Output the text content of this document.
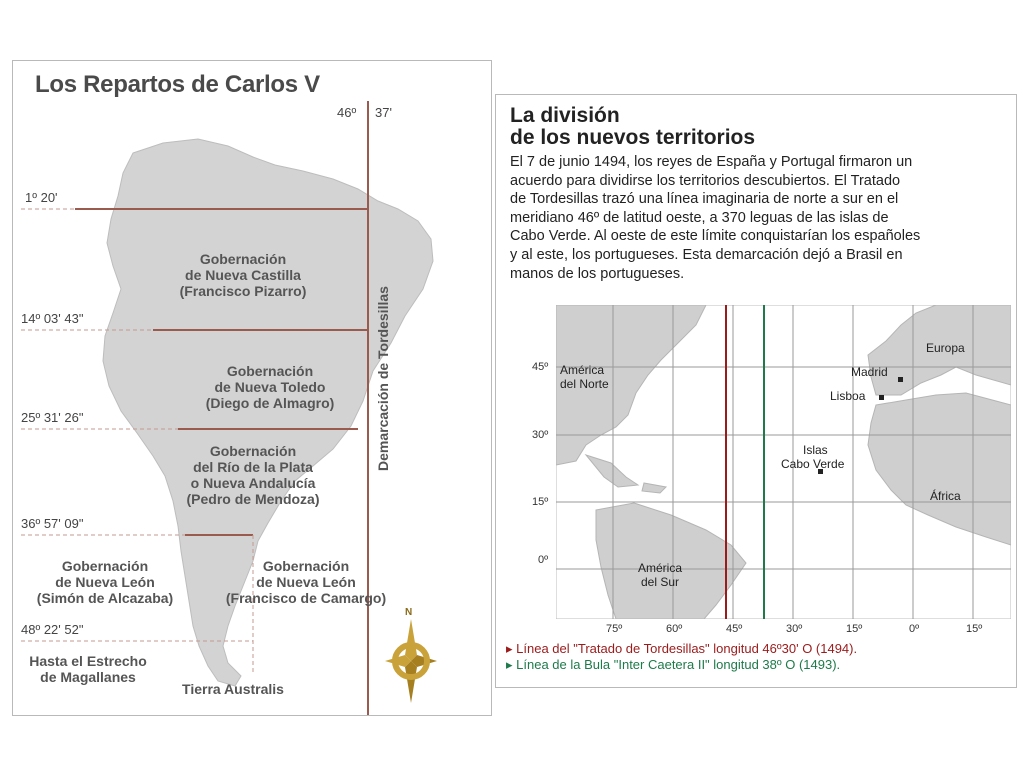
Los Repartos de Carlos V
46º 37'
1º 20'
14º 03' 43"
25º 31' 26"
36º 57' 09"
48º 22' 52"
Demarcación de Tordesillas
Gobernación
de Nueva Castilla
(Francisco Pizarro)
Gobernación
de Nueva Toledo
(Diego de Almagro)
Gobernación
del Río de la Plata
o Nueva Andalucía
(Pedro de Mendoza)
Gobernación
de Nueva León
(Simón de Alcazaba)
Gobernación
de Nueva León
(Francisco de Camargo)
Hasta el Estrecho
de Magallanes
Tierra Australis
N
La división
de los nuevos territorios
El 7 de junio 1494, los reyes de España y Portugal firmaron un
acuerdo para dividirse los territorios descubiertos. El Tratado
de Tordesillas trazó una línea imaginaria de norte a sur en el
meridiano 46º de latitud oeste, a 370 leguas de las islas de
Cabo Verde. Al oeste de este límite conquistarían los españoles
y al este, los portugueses. Esta demarcación dejó a Brasil en
manos de los portugueses.
45º
30º
15º
0º
75º	60º	45º	30º	15º	0º	15º
América
del Norte
Europa
Madrid
Lisboa
Islas
Cabo Verde
África
América
del Sur
▸ Línea del "Tratado de Tordesillas" longitud 46º30' O (1494).
▸ Línea de la Bula "Inter Caetera II" longitud 38º O (1493).
